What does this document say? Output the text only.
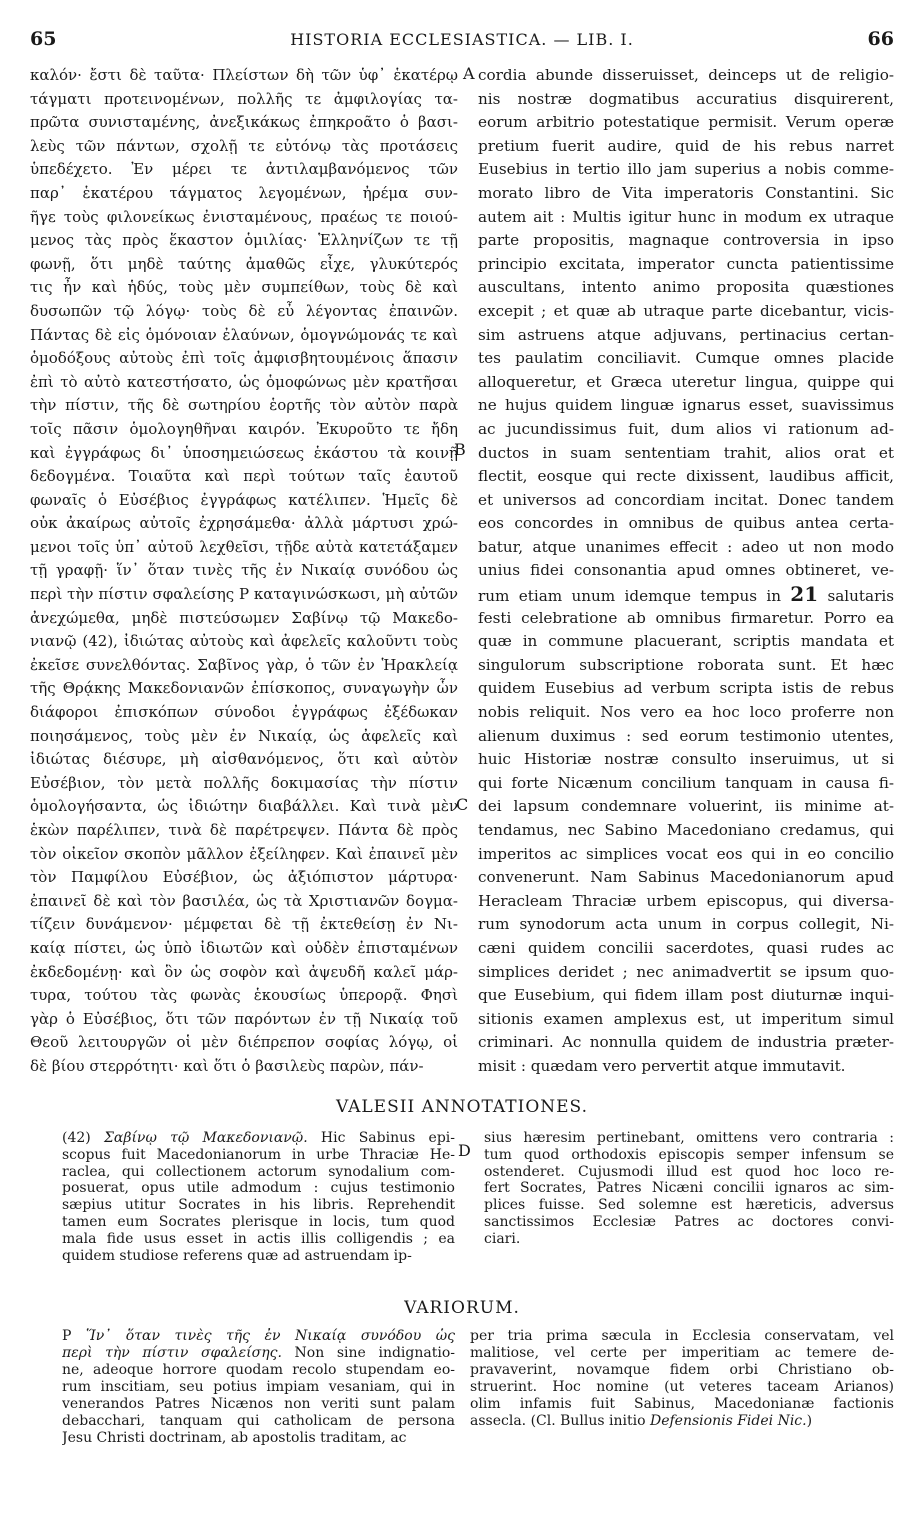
65	HISTORIA ECCLESIASTICA. — LIB. I.	66

καλόν· ἔστι δὲ ταῦτα· Πλείστων δὴ τῶν ὑφ᾽ ἑκατέρῳ

τάγματι προτεινομένων, πολλῆς τε ἀμφιλογίας τα-

πρῶτα συνισταμένης, ἀνεξικάκως ἐπηκροᾶτο ὁ βασι-

λεὺς τῶν πάντων, σχολῇ τε εὐτόνῳ τὰς προτάσεις

ὑπεδέχετο. Ἐν μέρει τε ἀντιλαμβανόμενος τῶν

παρ᾽ ἑκατέρου τάγματος λεγομένων, ἠρέμα συν-

ῆγε τοὺς φιλονείκως ἐνισταμένους, πραέως τε ποιού-

μενος τὰς πρὸς ἕκαστον ὁμιλίας· Ἑλληνίζων τε τῇ

φωνῇ, ὅτι μηδὲ ταύτης ἀμαθῶς εἶχε, γλυκύτερός

τις ἦν καὶ ἡδύς, τοὺς μὲν συμπείθων, τοὺς δὲ καὶ

δυσωπῶν τῷ λόγῳ· τοὺς δὲ εὖ λέγοντας ἐπαινῶν.

Πάντας δὲ εἰς ὁμόνοιαν ἐλαύνων, ὁμογνώμονάς τε καὶ

ὁμοδόξους αὐτοὺς ἐπὶ τοῖς ἀμφισβητουμένοις ἅπασιν

ἐπὶ τὸ αὐτὸ κατεστήσατο, ὡς ὁμοφώνως μὲν κρατῆσαι

τὴν πίστιν, τῆς δὲ σωτηρίου ἑορτῆς τὸν αὐτὸν παρὰ

τοῖς πᾶσιν ὁμολογηθῆναι καιρόν. Ἐκυροῦτο τε ἤδη

καὶ ἐγγράφως δι᾽ ὑποσημειώσεως ἑκάστου τὰ κοινῇ

δεδογμένα. Τοιαῦτα καὶ περὶ τούτων ταῖς ἑαυτοῦ

φωναῖς ὁ Εὐσέβιος ἐγγράφως κατέλιπεν. Ἡμεῖς δὲ

οὐκ ἀκαίρως αὐτοῖς ἐχρησάμεθα· ἀλλὰ μάρτυσι χρώ-

μενοι τοῖς ὑπ᾽ αὐτοῦ λεχθεῖσι, τῇδε αὐτὰ κατετάξαμεν

τῇ γραφῇ· ἵν᾽ ὅταν τινὲς τῆς ἐν Νικαίᾳ συνόδου ὡς

περὶ τὴν πίστιν σφαλείσης P καταγινώσκωσι, μὴ αὐτῶν

ἀνεχώμεθα, μηδὲ πιστεύσωμεν Σαβίνῳ τῷ Μακεδο-

νιανῷ (42), ἰδιώτας αὐτοὺς καὶ ἀφελεῖς καλοῦντι τοὺς

ἐκεῖσε συνελθόντας. Σαβῖνος γὰρ, ὁ τῶν ἐν Ἡρακλείᾳ

τῆς Θρᾴκης Μακεδονιανῶν ἐπίσκοπος, συναγωγὴν ὧν

διάφοροι ἐπισκόπων σύνοδοι ἐγγράφως ἐξέδωκαν

ποιησάμενος, τοὺς μὲν ἐν Νικαίᾳ, ὡς ἀφελεῖς καὶ

ἰδιώτας διέσυρε, μὴ αἰσθανόμενος, ὅτι καὶ αὐτὸν

Εὐσέβιον, τὸν μετὰ πολλῆς δοκιμασίας τὴν πίστιν

ὁμολογήσαντα, ὡς ἰδιώτην διαβάλλει. Καὶ τινὰ μὲν

ἑκὼν παρέλιπεν, τινὰ δὲ παρέτρεψεν. Πάντα δὲ πρὸς

τὸν οἰκεῖον σκοπὸν μᾶλλον ἐξείληφεν. Καὶ ἐπαινεῖ μὲν

τὸν Παμφίλου Εὐσέβιον, ὡς ἀξιόπιστον μάρτυρα·

ἐπαινεῖ δὲ καὶ τὸν βασιλέα, ὡς τὰ Χριστιανῶν δογμα-

τίζειν δυνάμενον· μέμφεται δὲ τῇ ἐκτεθείσῃ ἐν Νι-

καίᾳ πίστει, ὡς ὑπὸ ἰδιωτῶν καὶ οὐδὲν ἐπισταμένων

ἐκδεδομένῃ· καὶ ὃν ὡς σοφὸν καὶ ἀψευδῆ καλεῖ μάρ-

τυρα, τούτου τὰς φωνὰς ἑκουσίως ὑπερορᾷ. Φησὶ

γὰρ ὁ Εὐσέβιος, ὅτι τῶν παρόντων ἐν τῇ Νικαίᾳ τοῦ

Θεοῦ λειτουργῶν οἱ μὲν διέπρεπον σοφίας λόγῳ, οἱ

δὲ βίου στερρότητι· καὶ ὅτι ὁ βασιλεὺς παρὼν, πάν-

cordia abunde disseruisset, deinceps ut de religio-

nis nostræ dogmatibus accuratius disquirerent,

eorum arbitrio potestatique permisit. Verum operæ

pretium fuerit audire, quid de his rebus narret

Eusebius in tertio illo jam superius a nobis comme-

morato libro de Vita imperatoris Constantini. Sic

autem ait : Multis igitur hunc in modum ex utraque

parte propositis, magnaque controversia in ipso

principio excitata, imperator cuncta patientissime

auscultans, intento animo proposita quæstiones

excepit ; et quæ ab utraque parte dicebantur, vicis-

sim astruens atque adjuvans, pertinacius certan-

tes paulatim conciliavit. Cumque omnes placide

alloqueretur, et Græca uteretur lingua, quippe qui

ne hujus quidem linguæ ignarus esset, suavissimus

ac jucundissimus fuit, dum alios vi rationum ad-

ductos in suam sententiam trahit, alios orat et

flectit, eosque qui recte dixissent, laudibus afficit,

et universos ad concordiam incitat. Donec tandem

eos concordes in omnibus de quibus antea certa-

batur, atque unanimes effecit : adeo ut non modo

unius fidei consonantia apud omnes obtineret, ve-

rum etiam unum idemque tempus in 21 salutaris

festi celebratione ab omnibus firmaretur. Porro ea

quæ in commune placuerant, scriptis mandata et

singulorum subscriptione roborata sunt. Et hæc

quidem Eusebius ad verbum scripta istis de rebus

nobis reliquit. Nos vero ea hoc loco proferre non

alienum duximus : sed eorum testimonio utentes,

huic Historiæ nostræ consulto inseruimus, ut si

qui forte Nicænum concilium tanquam in causa fi-

dei lapsum condemnare voluerint, iis minime at-

tendamus, nec Sabino Macedoniano credamus, qui

imperitos ac simplices vocat eos qui in eo concilio

convenerunt. Nam Sabinus Macedonianorum apud

Heracleam Thraciæ urbem episcopus, qui diversa-

rum synodorum acta unum in corpus collegit, Ni-

cæni quidem concilii sacerdotes, quasi rudes ac

simplices deridet ; nec animadvertit se ipsum quo-

que Eusebium, qui fidem illam post diuturnæ inqui-

sitionis examen amplexus est, ut imperitum simul

criminari. Ac nonnulla quidem de industria præter-

misit : quædam vero pervertit atque immutavit.

A
B
C
D
VALESII ANNOTATIONES.

(42) Σαβίνῳ τῷ Μακεδονιανῷ. Hic Sabinus epi-

scopus fuit Macedonianorum in urbe Thraciæ He-

raclea, qui collectionem actorum synodalium com-

posuerat, opus utile admodum : cujus testimonio

sæpius utitur Socrates in his libris. Reprehendit

tamen eum Socrates plerisque in locis, tum quod

mala fide usus esset in actis illis colligendis ; ea

quidem studiose referens quæ ad astruendam ip-

sius hæresim pertinebant, omittens vero contraria :

tum quod orthodoxis episcopis semper infensum se

ostenderet. Cujusmodi illud est quod hoc loco re-

fert Socrates, Patres Nicæni concilii ignaros ac sim-

plices fuisse. Sed solemne est hæreticis, adversus

sanctissimos Ecclesiæ Patres ac doctores convi-

ciari.

VARIORUM.

P Ἵν᾽ ὅταν τινὲς τῆς ἐν Νικαίᾳ συνόδου ὡς

περὶ τὴν πίστιν σφαλείσης. Non sine indignatio-

ne, adeoque horrore quodam recolo stupendam eo-

rum inscitiam, seu potius impiam vesaniam, qui in

venerandos Patres Nicænos non veriti sunt palam

debacchari, tanquam qui catholicam de persona

Jesu Christi doctrinam, ab apostolis traditam, ac

per tria prima sæcula in Ecclesia conservatam, vel

malitiose, vel certe per imperitiam ac temere de-

pravaverint, novamque fidem orbi Christiano ob-

struerint. Hoc nomine (ut veteres taceam Arianos)

olim infamis fuit Sabinus, Macedonianæ factionis

assecla. (Cl. Bullus initio Defensionis Fidei Nic.)
